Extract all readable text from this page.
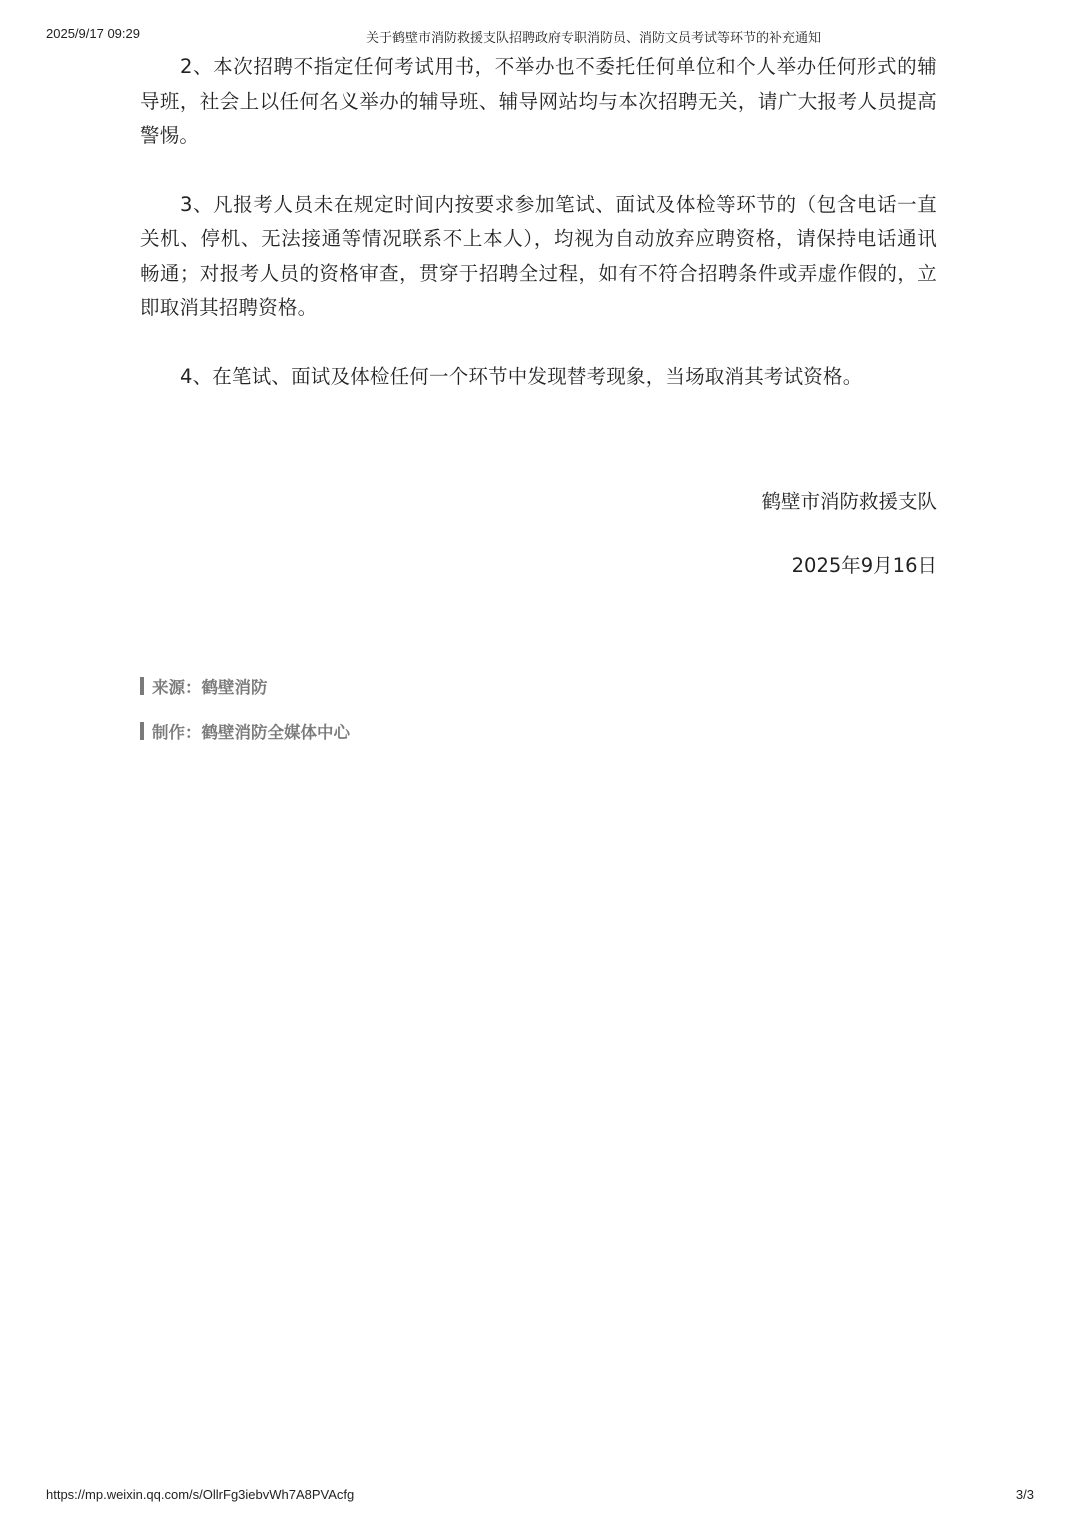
2025/9/17 09:29	关于鹤壁市消防救援支队招聘政府专职消防员、消防文员考试等环节的补充通知

2、本次招聘不指定任何考试用书，不举办也不委托任何单位和个人举办任何形式的辅导班，社会上以任何名义举办的辅导班、辅导网站均与本次招聘无关，请广大报考人员提高警惕。

3、凡报考人员未在规定时间内按要求参加笔试、面试及体检等环节的（包含电话一直关机、停机、无法接通等情况联系不上本人），均视为自动放弃应聘资格，请保持电话通讯畅通；对报考人员的资格审查，贯穿于招聘全过程，如有不符合招聘条件或弄虚作假的，立即取消其招聘资格。

4、在笔试、面试及体检任何一个环节中发现替考现象，当场取消其考试资格。

鹤壁市消防救援支队
2025年9月16日
来源：鹤壁消防
制作：鹤壁消防全媒体中心
https://mp.weixin.qq.com/s/OllrFg3iebvWh7A8PVAcfg	3/3
